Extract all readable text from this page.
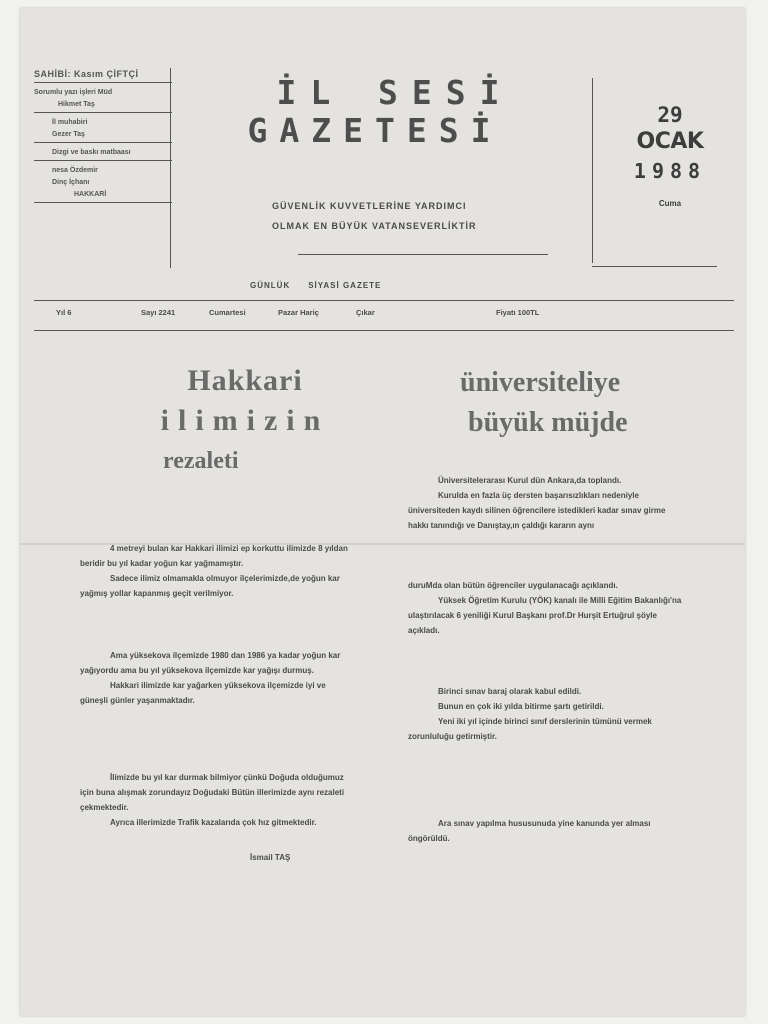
SAHİBİ: Kasım ÇİFTÇİ
Sorumlu yazı işleri Müd
Hikmet Taş
İl muhabiri
Gezer Taş
Dizgi ve baskı matbaası
nesa Özdemir
Dinç İçhanı
HAKKARİ
İL SESİ
GAZETESİ
GÜVENLİK KUVVETLERİNE YARDIMCI
OLMAK EN BÜYÜK VATANSEVERLİKTİR
29
OCAK
1988
Cuma
GÜNLÜK SİYASİ GAZETE
Yıl 6	Sayı 2241	Cumartesi	Pazar Hariç	Çıkar	Fiyatı 100TL
Hakkari
ilimizin
rezaleti

4 metreyi bulan kar Hakkari ilimizi ep korkuttu ilimizde 8 yıldan beridir bu yıl kadar yoğun kar yağmamıştır.

Sadece ilimiz olmamakla olmuyor ilçelerimizde,de yoğun kar yağmış yollar kapanmış geçit verilmiyor.

Ama yüksekova ilçemizde 1980 dan 1986 ya kadar yoğun kar yağıyordu ama bu yıl yüksekova ilçemizde kar yağışı durmuş.

Hakkari ilimizde kar yağarken yüksekova ilçemizde iyi ve güneşli günler yaşanmaktadır.

İlimizde bu yıl kar durmak bilmiyor çünkü Doğuda olduğumuz için buna alışmak zorundayız Doğudaki Bütün illerimizde aynı rezaleti çekmektedir.

Ayrıca illerimizde Trafik kazalarıda çok hız gitmektedir.

İsmail TAŞ
üniversiteliye
büyük müjde

Üniversitelerarası Kurul dün Ankara,da toplandı.

Kurulda en fazla üç dersten başarısızlıkları nedeniyle üniversiteden kaydı silinen öğrencilere istedikleri kadar sınav girme hakkı tanındığı ve Danıştay,ın çaldığı kararın aynı

duruMda olan bütün öğrenciler uygulanacağı açıklandı.

Yüksek Öğretim Kurulu (YÖK) kanalı ile Milli Eğitim Bakanlığı'na ulaştırılacak 6 yeniliği Kurul Başkanı prof.Dr Hurşit Ertuğrul şöyle açıkladı.

Birinci sınav baraj olarak kabul edildi.

Bunun en çok iki yılda bitirme şartı getirildi.

Yeni iki yıl içinde birinci sınıf derslerinin tümünü vermek zorunluluğu getirmiştir.

Ara sınav yapılma hususunuda yine kanunda yer alması öngörüldü.
